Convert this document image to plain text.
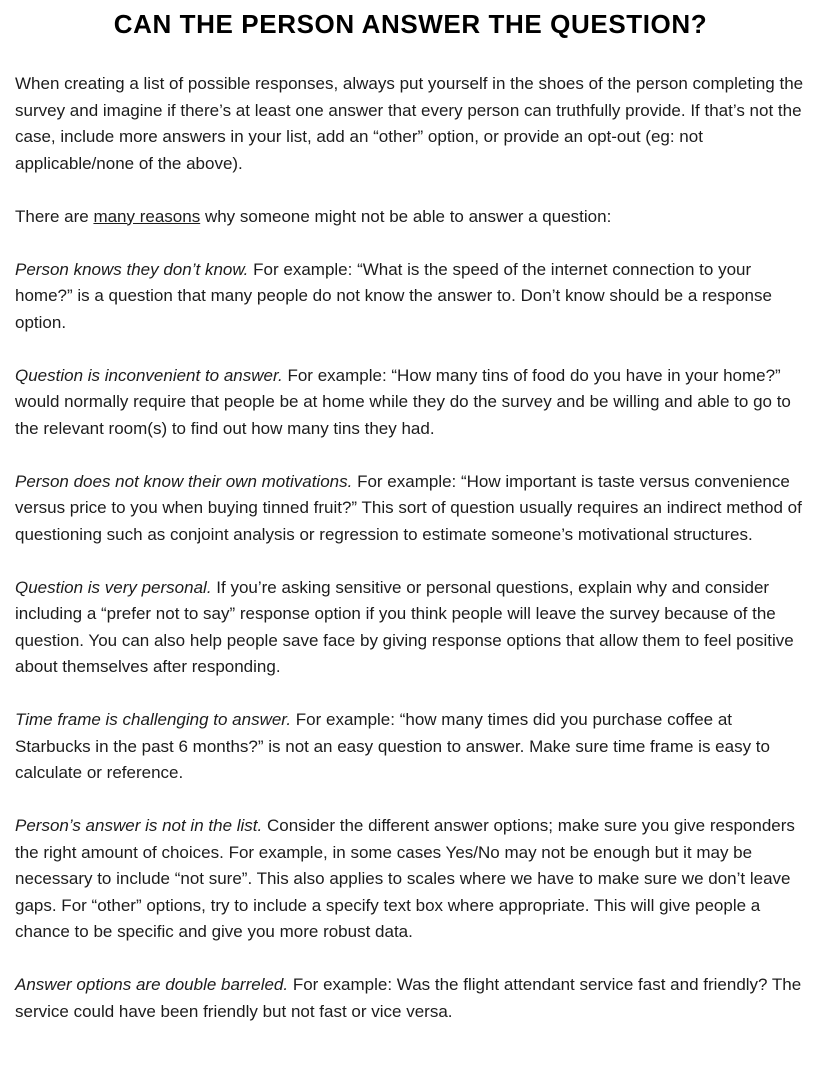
CAN THE PERSON ANSWER THE QUESTION?

When creating a list of possible responses, always put yourself in the shoes of the person completing the survey and imagine if there’s at least one answer that every person can truthfully provide. If that’s not the case, include more answers in your list, add an “other” option, or provide an opt-out (eg: not applicable/none of the above).

There are many reasons why someone might not be able to answer a question:

Person knows they don’t know. For example: “What is the speed of the internet connection to your home?” is a question that many people do not know the answer to. Don’t know should be a response option.

Question is inconvenient to answer. For example: “How many tins of food do you have in your home?” would normally require that people be at home while they do the survey and be willing and able to go to the relevant room(s) to find out how many tins they had.

Person does not know their own motivations. For example: “How important is taste versus convenience versus price to you when buying tinned fruit?” This sort of question usually requires an indirect method of questioning such as conjoint analysis or regression to estimate someone’s motivational structures.

Question is very personal. If you’re asking sensitive or personal questions, explain why and consider including a “prefer not to say” response option if you think people will leave the survey because of the question. You can also help people save face by giving response options that allow them to feel positive about themselves after responding.

Time frame is challenging to answer. For example: “how many times did you purchase coffee at Starbucks in the past 6 months?” is not an easy question to answer. Make sure time frame is easy to calculate or reference.

Person’s answer is not in the list. Consider the different answer options; make sure you give responders the right amount of choices. For example, in some cases Yes/No may not be enough but it may be necessary to include “not sure”. This also applies to scales where we have to make sure we don’t leave gaps. For “other” options, try to include a specify text box where appropriate. This will give people a chance to be specific and give you more robust data.

Answer options are double barreled. For example: Was the flight attendant service fast and friendly? The service could have been friendly but not fast or vice versa.
